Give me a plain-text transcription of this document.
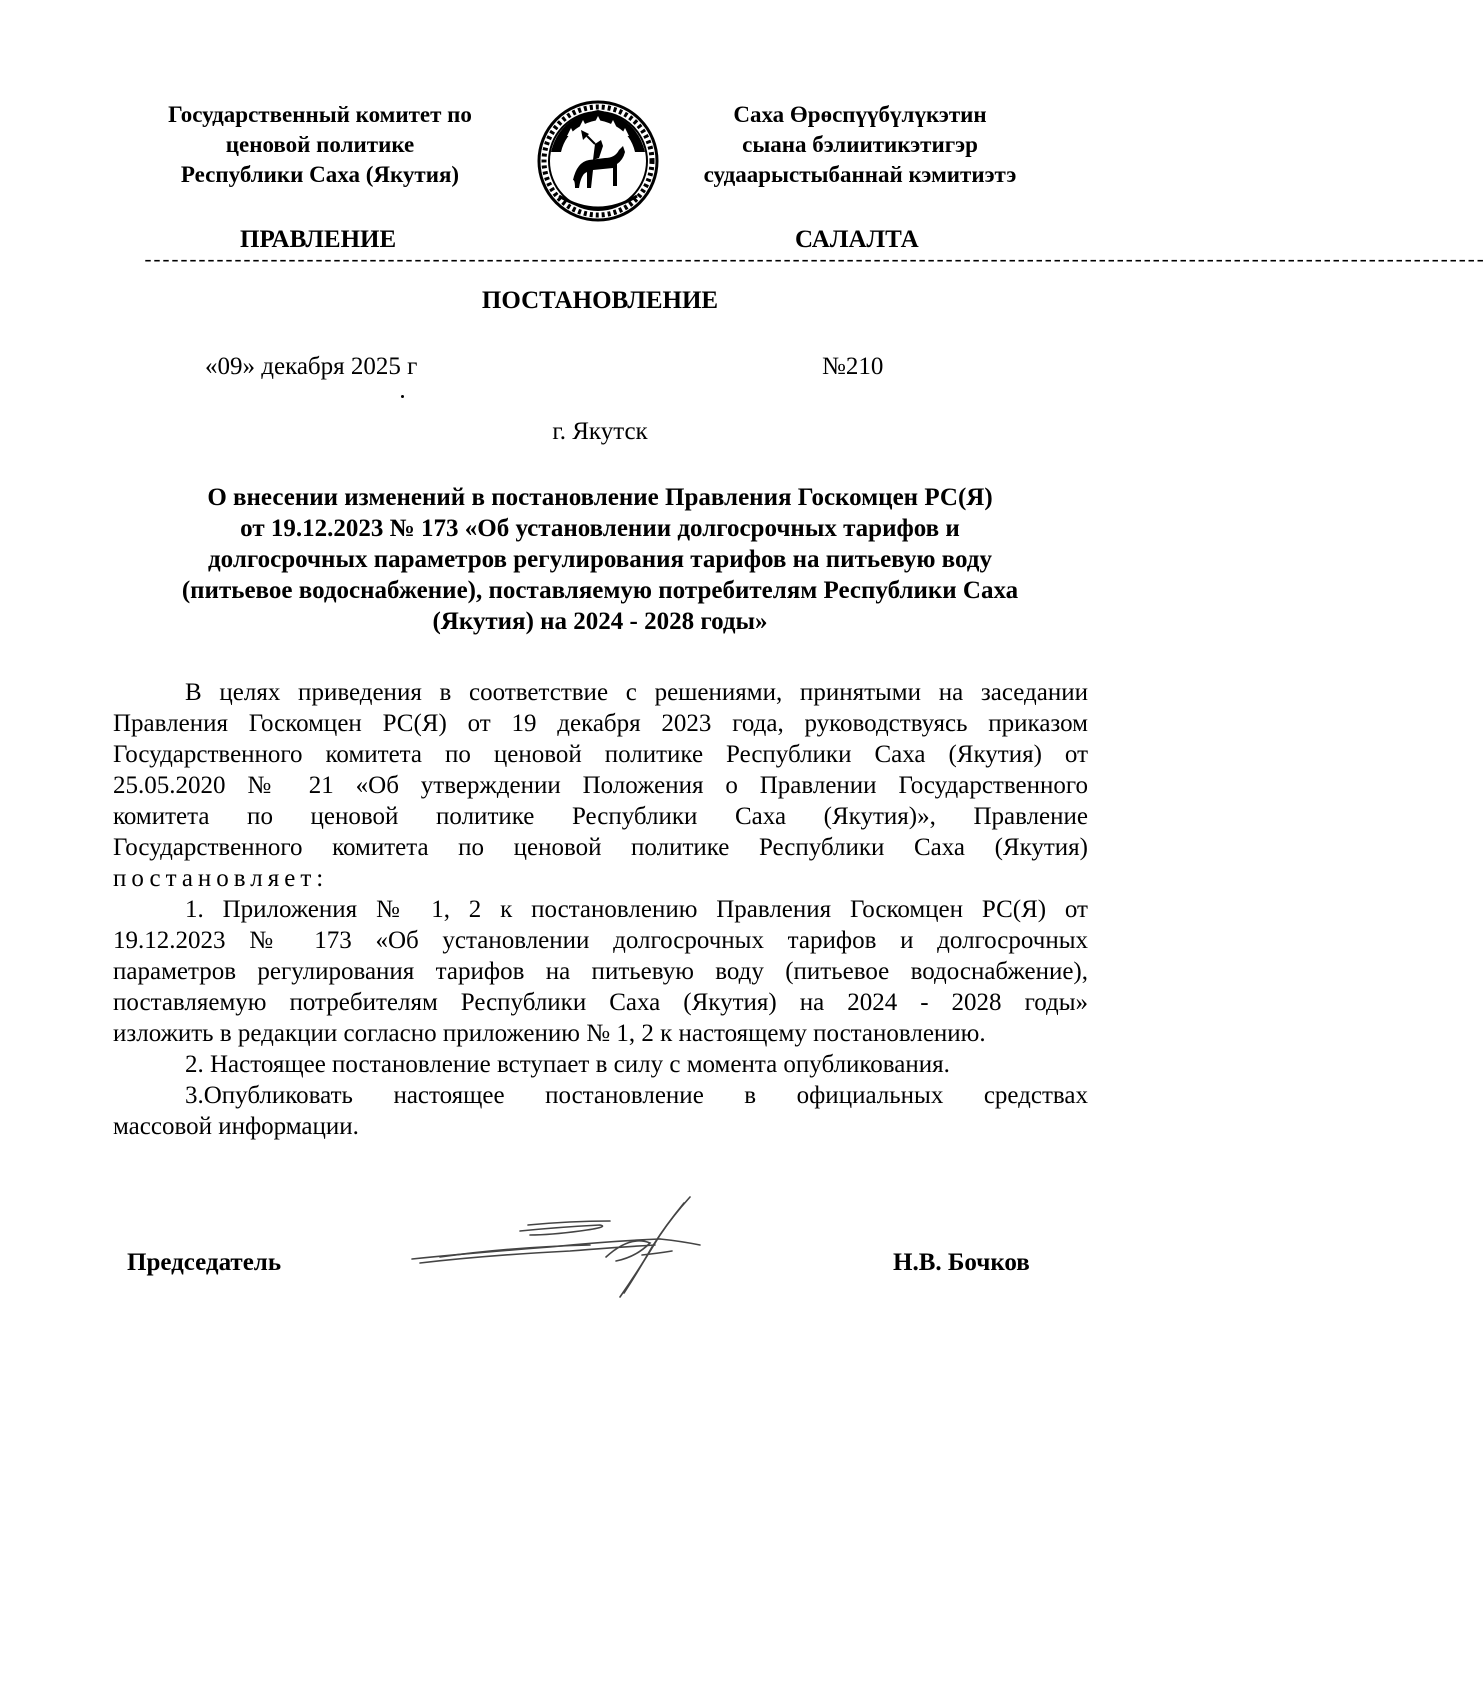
Государственный комитет по
ценовой политике
Республики Саха (Якутия)
Саха Өрөспүүбүлүкэтин
сыана бэлиитикэтигэр
судаарыстыбаннай кэмитиэтэ
ПРАВЛЕНИЕ	САЛАЛТА
-----------------------------------------------------------------------------------------------------------------------------------------------------
ПОСТАНОВЛЕНИЕ
«09» декабря 2025 г	№210
г. Якутск
О внесении изменений в постановление Правления Госкомцен РС(Я)
от 19.12.2023 № 173 «Об установлении долгосрочных тарифов и
долгосрочных параметров регулирования тарифов на питьевую воду
(питьевое водоснабжение), поставляемую потребителям Республики Саха
(Якутия) на 2024 - 2028 годы»
В целях приведения в соответствие с решениями, принятыми на заседании
Правления Госкомцен РС(Я) от 19 декабря 2023 года, руководствуясь приказом
Государственного комитета по ценовой политике Республики Саха (Якутия) от
25.05.2020 № 21 «Об утверждении Положения о Правлении Государственного
комитета по ценовой политике Республики Саха (Якутия)», Правление
Государственного комитета по ценовой политике Республики Саха (Якутия)
постановляет:
1. Приложения № 1, 2 к постановлению Правления Госкомцен РС(Я) от
19.12.2023 № 173 «Об установлении долгосрочных тарифов и долгосрочных
параметров регулирования тарифов на питьевую воду (питьевое водоснабжение),
поставляемую потребителям Республики Саха (Якутия) на 2024 - 2028 годы»
изложить в редакции согласно приложению № 1, 2 к настоящему постановлению.
2. Настоящее постановление вступает в силу с момента опубликования.
3.Опубликовать настоящее постановление в официальных средствах
массовой информации.
Председатель	Н.В. Бочков
